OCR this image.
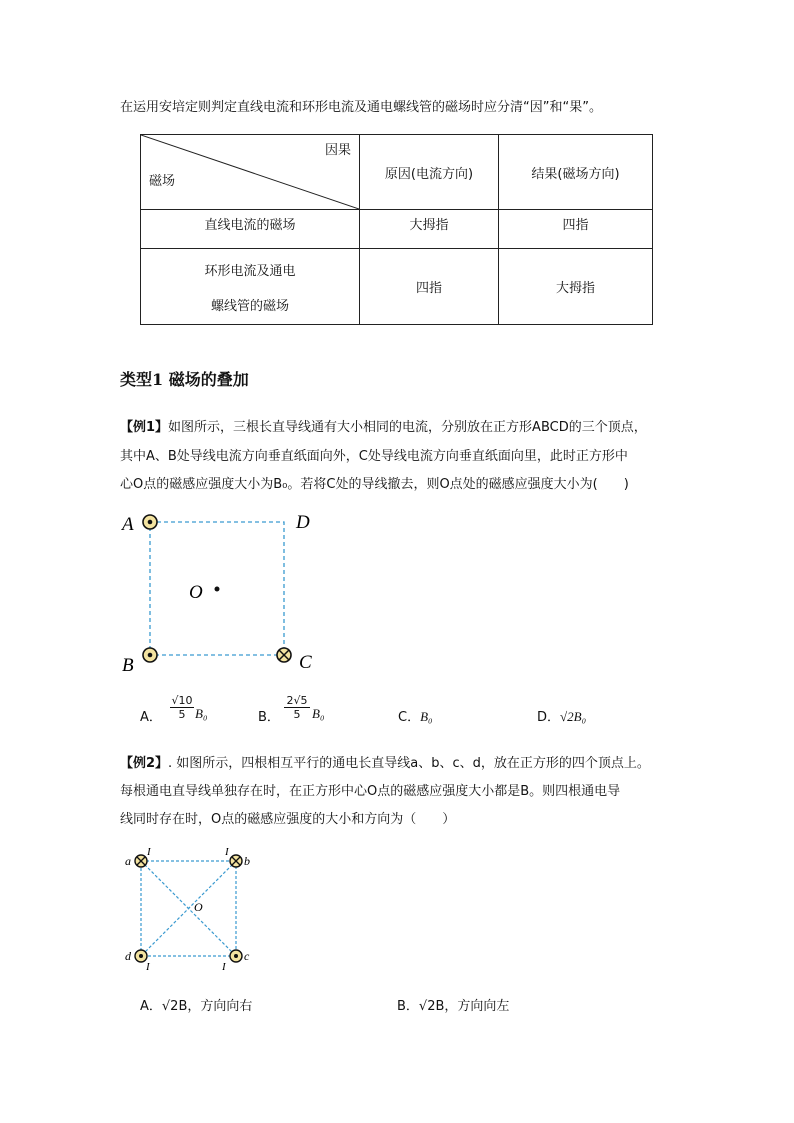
在运用安培定则判定直线电流和环形电流及通电螺线管的磁场时应分清“因”和“果”。
因果
磁场	原因(电流方向)	结果(磁场方向)
直线电流的磁场	大拇指	四指

环形电流及通电
螺线管的磁场	四指	大拇指
类型1 磁场的叠加
【例1】如图所示，三根长直导线通有大小相同的电流，分别放在正方形ABCD的三个顶点，
其中A、B处导线电流方向垂直纸面向外，C处导线电流方向垂直纸面向里，此时正方形中
心O点的磁感应强度大小为B₀。若将C处的导线撤去，则O点处的磁感应强度大小为(　　)
A	D
B	C
O
A． $\frac{√10}{5} B_0$	B． $\frac{2√5}{5} B_0$	C．B₀	D．√2B₀
【例2】. 如图所示，四根相互平行的通电长直导线a、b、c、d，放在正方形的四个顶点上。
每根通电直导线单独存在时，在正方形中心O点的磁感应强度大小都是B。则四根通电导
线同时存在时，O点的磁感应强度的大小和方向为（　　）
a	b
c
d
O
I	I
I
I
A．√2B，方向向右	B．√2B，方向向左
